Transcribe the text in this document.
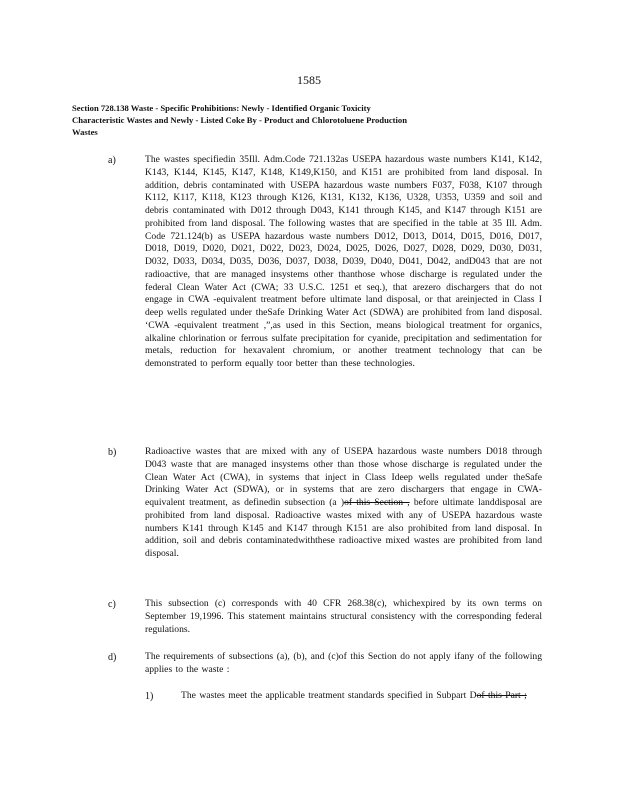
1585
Section 728.138 Waste - Specific Prohibitions: Newly - Identified Organic Toxicity
Characteristic Wastes and Newly - Listed Coke By - Product and Chlorotoluene Production
Wastes
a)	The wastes specifiedin 35Ill. Adm.Code 721.132as USEPA hazardous waste numbers K141, K142, K143, K144, K145, K147, K148, K149,K150, and K151 are prohibited from land disposal. In addition, debris contaminated with USEPA hazardous waste numbers F037, F038, K107 through K112, K117, K118, K123 through K126, K131, K132, K136, U328, U353, U359 and soil and debris contaminated with D012 through D043, K141 through K145, and K147 through K151 are prohibited from land disposal. The following wastes that are specified in the table at 35 Ill. Adm. Code 721.124(b) as USEPA hazardous waste numbers D012, D013, D014, D015, D016, D017, D018, D019, D020, D021, D022, D023, D024, D025, D026, D027, D028, D029, D030, D031, D032, D033, D034, D035, D036, D037, D038, D039, D040, D041, D042, andD043 that are not radioactive, that are managed insystems other thanthose whose discharge is regulated under the federal Clean Water Act (CWA; 33 U.S.C. 1251 et seq.), that arezero dischargers that do not engage in CWA -equivalent treatment before ultimate land disposal, or that areinjected in Class I deep wells regulated under theSafe Drinking Water Act (SDWA) are prohibited from land disposal. ‘CWA -equivalent treatment ,”,as used in this Section, means biological treatment for organics, alkaline chlorination or ferrous sulfate precipitation for cyanide, precipitation and sedimentation for metals, reduction for hexavalent chromium, or another treatment technology that can be demonstrated to perform equally toor better than these technologies.
b)	Radioactive wastes that are mixed with any of USEPA hazardous waste numbers D018 through D043 waste that are managed insystems other than those whose discharge is regulated under the Clean Water Act (CWA), in systems that inject in Class Ideep wells regulated under theSafe Drinking Water Act (SDWA), or in systems that are zero dischargers that engage in CWA-equivalent treatment, as definedin subsection (a )of this Section , before ultimate landdisposal are prohibited from land disposal. Radioactive wastes mixed with any of USEPA hazardous waste numbers K141 through K145 and K147 through K151 are also prohibited from land disposal. In addition, soil and debris contaminatedwiththese radioactive mixed wastes are prohibited from land disposal.
c)	This subsection (c) corresponds with 40 CFR 268.38(c), whichexpired by its own terms on September 19,1996. This statement maintains structural consistency with the corresponding federal regulations.
d)	The requirements of subsections (a), (b), and (c)of this Section do not apply ifany of the following applies to the waste :
1)	The wastes meet the applicable treatment standards specified in Subpart Dof this Part ;
